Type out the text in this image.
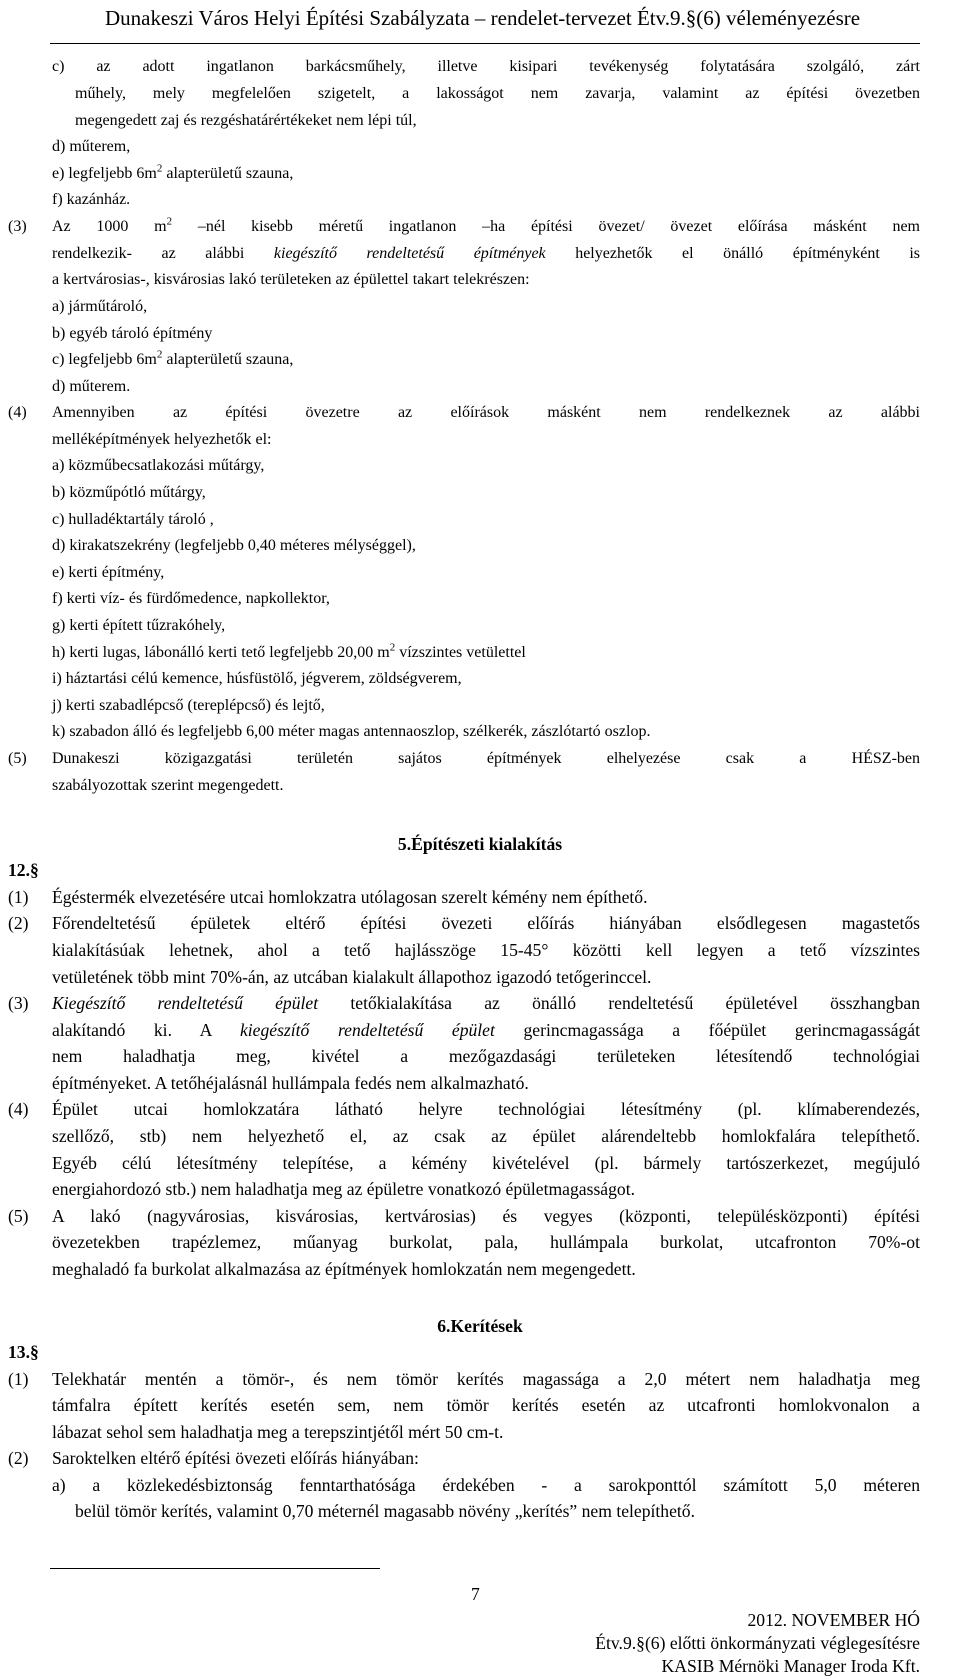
Dunakeszi Város Helyi Építési Szabályzata – rendelet-tervezet Étv.9.§(6) véleményezésre
c) az adott ingatlanon barkácsműhely, illetve kisipari tevékenység folytatására szolgáló, zárt
műhely, mely megfelelően szigetelt, a lakosságot nem zavarja, valamint az építési övezetben
megengedett zaj és rezgéshatárértékeket nem lépi túl,
d) műterem,
e) legfeljebb $6m^2$ alapterületű szauna,
f) kazánház.
(3) Az 1000 $m^2$ –nél kisebb méretű ingatlanon –ha építési övezet/ övezet előírása másként nem
rendelkezik- az alábbi kiegészítő rendeltetésű építmények helyezhetők el önálló építményként is
a kertvárosias-, kisvárosias lakó területeken az épülettel takart telekrészen:
a) járműtároló,
b) egyéb tároló építmény
c) legfeljebb $6m^2$ alapterületű szauna,
d) műterem.
(4) Amennyiben az építési övezetre az előírások másként nem rendelkeznek az alábbi
melléképítmények helyezhetők el:
a) közműbecsatlakozási műtárgy,
b) közműpótló műtárgy,
c) hulladéktartály tároló ,
d) kirakatszekrény (legfeljebb 0,40 méteres mélységgel),
e) kerti építmény,
f) kerti víz- és fürdőmedence, napkollektor,
g) kerti épített tűzrakóhely,
h) kerti lugas, lábonálló kerti tető legfeljebb 20,00 $m^2$ vízszintes vetülettel
i) háztartási célú kemence, húsfüstölő, jégverem, zöldségverem,
j) kerti szabadlépcső (tereplépcső) és lejtő,
k) szabadon álló és legfeljebb 6,00 méter magas antennaoszlop, szélkerék, zászlótartó oszlop.
(5) Dunakeszi közigazgatási területén sajátos építmények elhelyezése csak a HÉSZ-ben
szabályozottak szerint megengedett.
5.Építészeti kialakítás
12.§
(1) Égéstermék elvezetésére utcai homlokzatra utólagosan szerelt kémény nem építhető.
(2) Főrendeltetésű épületek eltérő építési övezeti előírás hiányában elsődlegesen magastetős
kialakításúak lehetnek, ahol a tető hajlásszöge 15-45° közötti kell legyen a tető vízszintes
vetületének több mint 70%-án, az utcában kialakult állapothoz igazodó tetőgerinccel.
(3) Kiegészítő rendeltetésű épület tetőkialakítása az önálló rendeltetésű épületével összhangban
alakítandó ki. A kiegészítő rendeltetésű épület gerincmagassága a főépület gerincmagasságát
nem haladhatja meg, kivétel a mezőgazdasági területeken létesítendő technológiai
építményeket. A tetőhéjalásnál hullámpala fedés nem alkalmazható.
(4) Épület utcai homlokzatára látható helyre technológiai létesítmény (pl. klímaberendezés,
szellőző, stb) nem helyezhető el, az csak az épület alárendeltebb homlokfalára telepíthető.
Egyéb célú létesítmény telepítése, a kémény kivételével (pl. bármely tartószerkezet, megújuló
energiahordozó stb.) nem haladhatja meg az épületre vonatkozó épületmagasságot.
(5) A lakó (nagyvárosias, kisvárosias, kertvárosias) és vegyes (központi, településközponti) építési
övezetekben trapézlemez, műanyag burkolat, pala, hullámpala burkolat, utcafronton 70%-ot
meghaladó fa burkolat alkalmazása az építmények homlokzatán nem megengedett.
6.Kerítések
13.§
(1) Telekhatár mentén a tömör-, és nem tömör kerítés magassága a 2,0 métert nem haladhatja meg
támfalra épített kerítés esetén sem, nem tömör kerítés esetén az utcafronti homlokvonalon a
lábazat sehol sem haladhatja meg a terepszintjétől mért 50 cm-t.
(2) Saroktelken eltérő építési övezeti előírás hiányában:
a) a közlekedésbiztonság fenntarthatósága érdekében - a sarokponttól számított 5,0 méteren
belül tömör kerítés, valamint 0,70 méternél magasabb növény „kerítés” nem telepíthető.
7
2012. NOVEMBER HÓ
Étv.9.§(6) előtti önkormányzati véglegesítésre
KASIB Mérnöki Manager Iroda Kft.
